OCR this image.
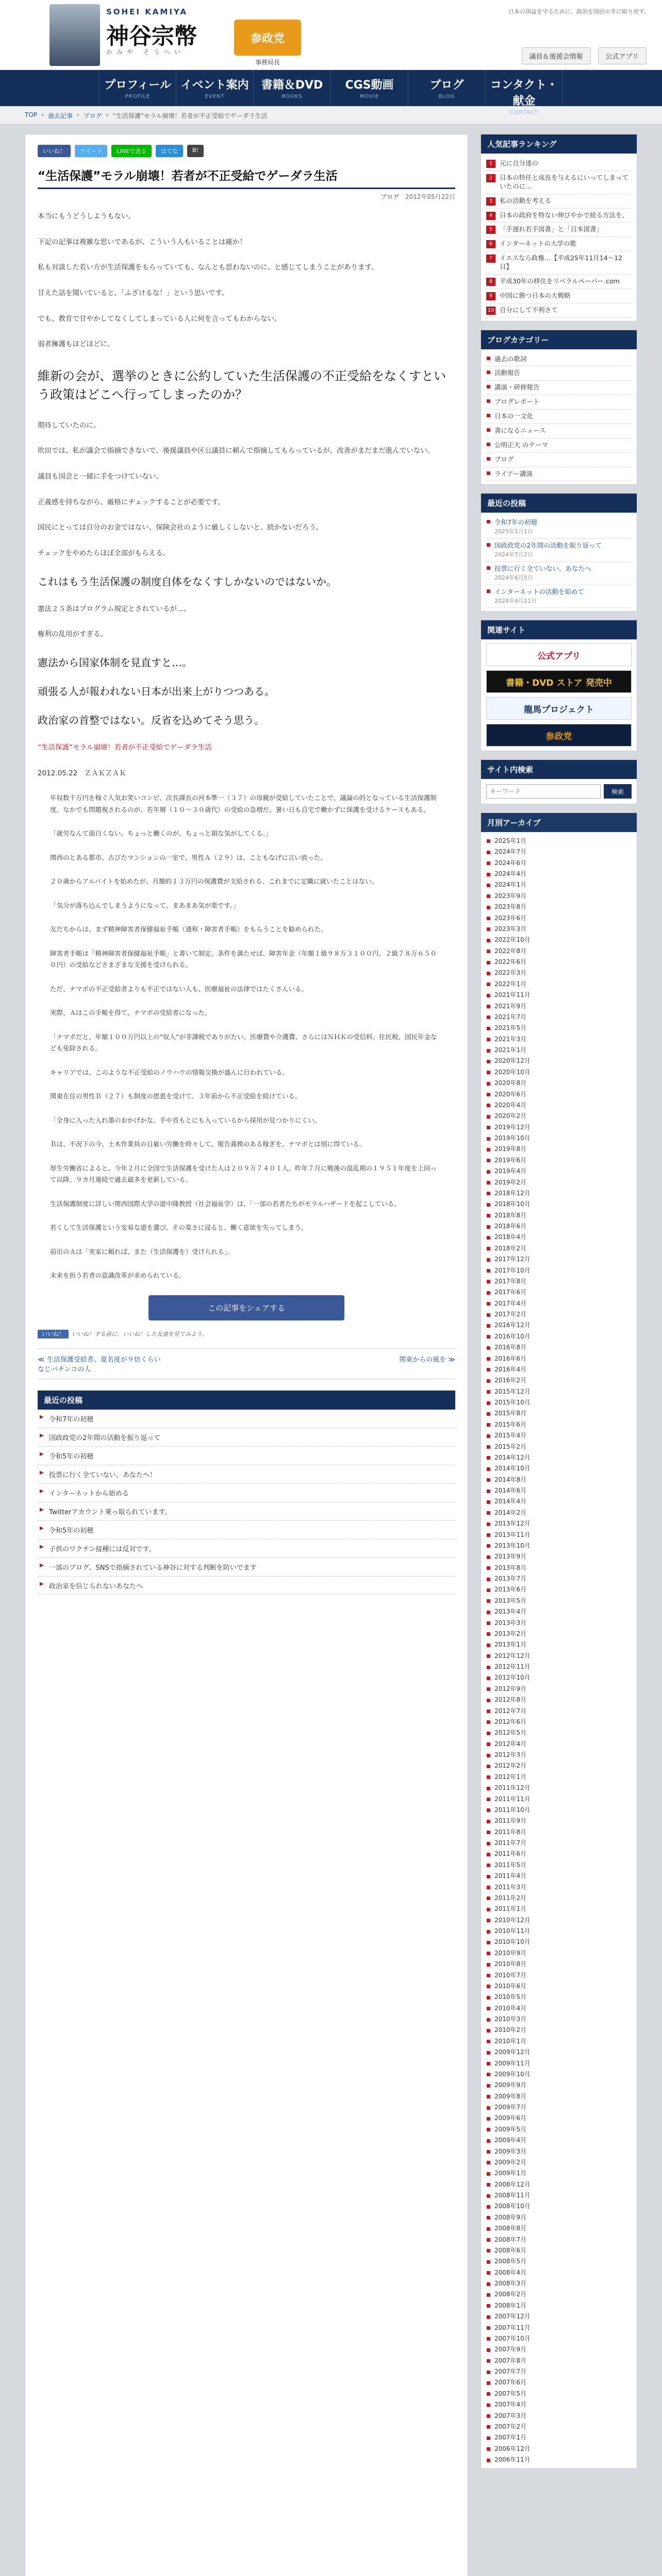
SOHEI KAMIYA
神谷宗幣
かみや そうへい
参政党
事務局長
日本の国益を守るために、政治を国民の手に取り戻す。
議員＆後援会情報	公式アプリ
プロフィール
PROFILE
イベント案内
EVENT
書籍＆DVD
BOOKS
CGS動画
MOVIE
ブログ
BLOG
コンタクト・献金
CONTACT
TOP › 過去記事 › ブログ › “生活保護”モラル崩壊！若者が不正受給でゲーダラ生活
いいね！	ツイート	LINEで送る	はてな	B!
“生活保護”モラル崩壊！若者が不正受給でゲーダラ生活
ブログ 2012年05月22日

本当にもうどうしようもない。

下記の記事は複雑な思いであるが、こういう人もいることは確か！

私も対談した若い方が生活保護をもらっていても、なんとも思わないのに、と感じてしまうことがあります。

甘えた話を聞いていると、「ふざけるな！」という思いです。

でも、教育で甘やかしてなくしてしまっている人に何を言ってもわからない。

弱者擁護もほどほどに。

維新の会が、選挙のときに公約していた生活保護の不正受給をなくすという政策はどこへ行ってしまったのか？

期待していたのに。

吹田では、私が議会で指摘できないで、後援議員や区公議員に頼んで指摘してもらっているが、改善がまだまだ進んでいない。

議員も国会と一緒に手をつけていない。

正義感を持ちながら、厳格にチェックすることが必要です。

国民にとっては自分のお金ではない、保険会社のように厳しくしないと、続かないだろう。

チェックをやめたらほぼ全部がもらえる。

これはもう生活保護の制度自体をなくすしかないのではないか。

憲法２５条はプログラム規定とされているが…。

権利の乱用がすぎる。

憲法から国家体制を見直すと…。

頑張る人が報われない日本が出来上がりつつある。

政治家の首整ではない。反省を込めてそう思う。

“生活保護”モラル崩壊！若者が不正受給でゲーダラ生活

2012.05.22　ＺＡＫＺＡＫ

年収数千万円を稼ぐ人気お笑いコンビ、次長課長の河本準一（３７）の母親が受給していたことで、議論の的となっている生活保護制度。なかでも問題視されるのが、若年層（１０〜３０歳代）の受給の急増だ。暑い日も自宅で働かずに保護を受けるケースもある。

「就労なんて面白くない。ちょっと働くのが、ちょっと損な気がしてくる。」

関西のとある都市、古びたマンションの一室で、男性Ａ（２９）は、こともなげに言い放った。

２０歳からアルバイトを始めたが、月額約１３万円の保護費が支給される。これまでに定職に就いたことはない。

「気分が落ち込んでしまうようになって、まあまあ気が楽です。」

友だちからは、まず精神障害者保健福祉手帳（通称・障害者手帳）をもらうことを勧められた。

障害者手帳は「精神障害者保健福祉手帳」と書いて制定。条件を満たせば、障害年金（年額１級９８万３１００円、２級７８万６５００円）の受給などさまざまな支援を受けられる。

ただ、ナマポの不正受給者よりも不正ではない人も、医療福祉の法律ではたくさんいる。

実際、Ａはこの手帳を得て、ナマポの受給者になった。

「ナマポだと、年額１００万円以上の“収入”が非課税でありがたい。医療費や介護費、さらにはＮＨＫの受信料、住民税、国民年金なども免除される。

キャリアでは、このような不正受給のノウハウの情報交換が盛んに行われている。

関東在住の男性Ｂ（２７）も制度の恩恵を受けて、３年前から不正受給を続けている。

「全身に入った入れ墨のおかげかな。手や首もとにも入っているから採用が見つかりにくい。

Ｂは、不況下の今、土木作業員の日雇い労働を時々して、報告義務のある稼ぎを、ナマポとは別に得ている。

厚生労働省によると、今年２月に全国で生活保護を受けた人は２０９万７４０１人。昨年７月に戦後の混乱期の１９５１年度を上回って以降、９カ月連続で過去最多を更新している。

生活保護制度に詳しい関西国際大学の道中隆教授（社会福祉学）は、「一部の若者たちがモラルハザードを起こしている。

若くして生活保護という安易な道を選び、その楽さに浸ると、働く意欲を失ってしまう。

前出のＡは「実家に頼れば、また（生活保護を）受けられる」。

未来を担う若者の意識改革が求められている。

この記事をシェアする
いいね！ いいね！する前に、いいね！した友達を見てみよう。
≪ 生活保護受給者、夏名度が９倍くらい
なじパチンコの人
関東からの風を ≫
最近の投稿
▶ 令和7年の初穂
▶ 国政政党の2年間の活動を振り返って
▶ 令和5年の初穂
▶ 投票に行く全ていない、あなたへ！
▶ インターネットから始める
▶ Twitterアカウント乗っ取られています。
▶ 令和5年の初穂
▶ 子供のワクチン接種には反対です。
▶ 一部のブログ、SNSで指摘されている神谷に対する判断を防いでます
▶ 政治家を信じられないあなたへ
人気記事ランキング
1 元に自分達の
2 日本の特任と成長を与えるにいってしまっていたのに…
3 私の活動を考える
4 日本の政府を特ない伸びやかで続る方法を、
5 「手遅れ若手図書」と「日本図書」
6 インターネットの大学の歌
7 イエスなら政権…【平成25年11月14〜12日】
8 平成30年の移住をリベラルペーパー.com
9 中国に勝つ日本の大戦略
10 自分にして不利さて
ブログカテゴリー
■ 過去の歌詞
■ 活動報告
■ 講演・研修報告
■ ブログレポート
■ 日本の一文化
■ 書になるニュース
■ 公明正大 のテーマ
■ ブログ
■ ライアー講演
最近の投稿
■ 令和7年の初穂
2025年1月1日
■ 国政政党の2年間の活動を振り返って
2024年7月2日
■ 投票に行く全ていない、あなたへ
2024年6月5日
■ インターネットの活動を始めて
2024年4月21日
関連サイト
公式アプリ
書籍・DVD ストア 発売中
龍馬プロジェクト
参政党
サイト内検索
キーワード
検索
月別アーカイブ
■ 2025年1月
■ 2024年7月
■ 2024年6月
■ 2024年4月
■ 2024年1月
■ 2023年9月
■ 2023年8月
■ 2023年6月
■ 2023年3月
■ 2022年10月
■ 2022年8月
■ 2022年6月
■ 2022年3月
■ 2022年1月
■ 2021年11月
■ 2021年9月
■ 2021年7月
■ 2021年5月
■ 2021年3月
■ 2021年1月
■ 2020年12月
■ 2020年10月
■ 2020年8月
■ 2020年6月
■ 2020年4月
■ 2020年2月
■ 2019年12月
■ 2019年10月
■ 2019年8月
■ 2019年6月
■ 2019年4月
■ 2019年2月
■ 2018年12月
■ 2018年10月
■ 2018年8月
■ 2018年6月
■ 2018年4月
■ 2018年2月
■ 2017年12月
■ 2017年10月
■ 2017年8月
■ 2017年6月
■ 2017年4月
■ 2017年2月
■ 2016年12月
■ 2016年10月
■ 2016年8月
■ 2016年6月
■ 2016年4月
■ 2016年2月
■ 2015年12月
■ 2015年10月
■ 2015年8月
■ 2015年6月
■ 2015年4月
■ 2015年2月
■ 2014年12月
■ 2014年10月
■ 2014年8月
■ 2014年6月
■ 2014年4月
■ 2014年2月
■ 2013年12月
■ 2013年11月
■ 2013年10月
■ 2013年9月
■ 2013年8月
■ 2013年7月
■ 2013年6月
■ 2013年5月
■ 2013年4月
■ 2013年3月
■ 2013年2月
■ 2013年1月
■ 2012年12月
■ 2012年11月
■ 2012年10月
■ 2012年9月
■ 2012年8月
■ 2012年7月
■ 2012年6月
■ 2012年5月
■ 2012年4月
■ 2012年3月
■ 2012年2月
■ 2012年1月
■ 2011年12月
■ 2011年11月
■ 2011年10月
■ 2011年9月
■ 2011年8月
■ 2011年7月
■ 2011年6月
■ 2011年5月
■ 2011年4月
■ 2011年3月
■ 2011年2月
■ 2011年1月
■ 2010年12月
■ 2010年11月
■ 2010年10月
■ 2010年9月
■ 2010年8月
■ 2010年7月
■ 2010年6月
■ 2010年5月
■ 2010年4月
■ 2010年3月
■ 2010年2月
■ 2010年1月
■ 2009年12月
■ 2009年11月
■ 2009年10月
■ 2009年9月
■ 2009年8月
■ 2009年7月
■ 2009年6月
■ 2009年5月
■ 2009年4月
■ 2009年3月
■ 2009年2月
■ 2009年1月
■ 2008年12月
■ 2008年11月
■ 2008年10月
■ 2008年9月
■ 2008年8月
■ 2008年7月
■ 2008年6月
■ 2008年5月
■ 2008年4月
■ 2008年3月
■ 2008年2月
■ 2008年1月
■ 2007年12月
■ 2007年11月
■ 2007年10月
■ 2007年9月
■ 2007年8月
■ 2007年7月
■ 2007年6月
■ 2007年5月
■ 2007年4月
■ 2007年3月
■ 2007年2月
■ 2007年1月
■ 2006年12月
■ 2006年11月
